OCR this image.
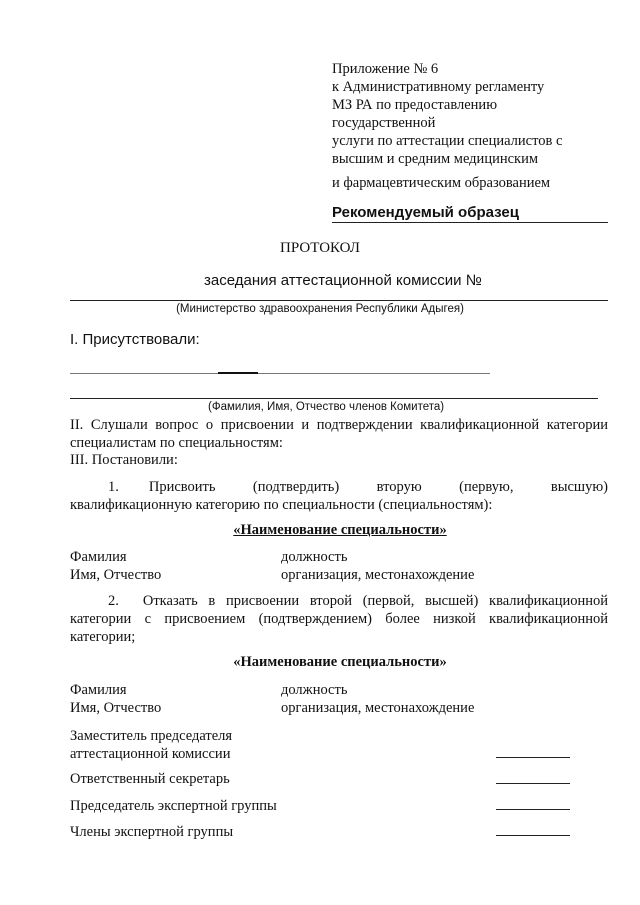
Приложение № 6
к Административному регламенту
МЗ РА по предоставлению
государственной
услуги по аттестации специалистов с
высшим и средним медицинским
и фармацевтическим образованием
Рекомендуемый образец
ПРОТОКОЛ
заседания аттестационной комиссии №
(Министерство здравоохранения Республики Адыгея)
I. Присутствовали:
(Фамилия, Имя, Отчество членов Комитета)
II. Слушали вопрос о присвоении и подтверждении квалификационной категории специалистам по специальностям:
III. Постановили:
1.	Присвоить	(подтвердить)	вторую	(первую,	высшую)
квалификационную категорию по специальности (специальностям):
«Наименование специальности»
Фамилия	должность
Имя, Отчество	организация, местонахождение
2. Отказать в присвоении второй (первой, высшей) квалификационной категории с присвоением (подтверждением) более низкой квалификационной категории;
«Наименование специальности»
Фамилия	должность
Имя, Отчество	организация, местонахождение
Заместитель председателя
аттестационной комиссии
Ответственный секретарь
Председатель экспертной группы
Члены экспертной группы
